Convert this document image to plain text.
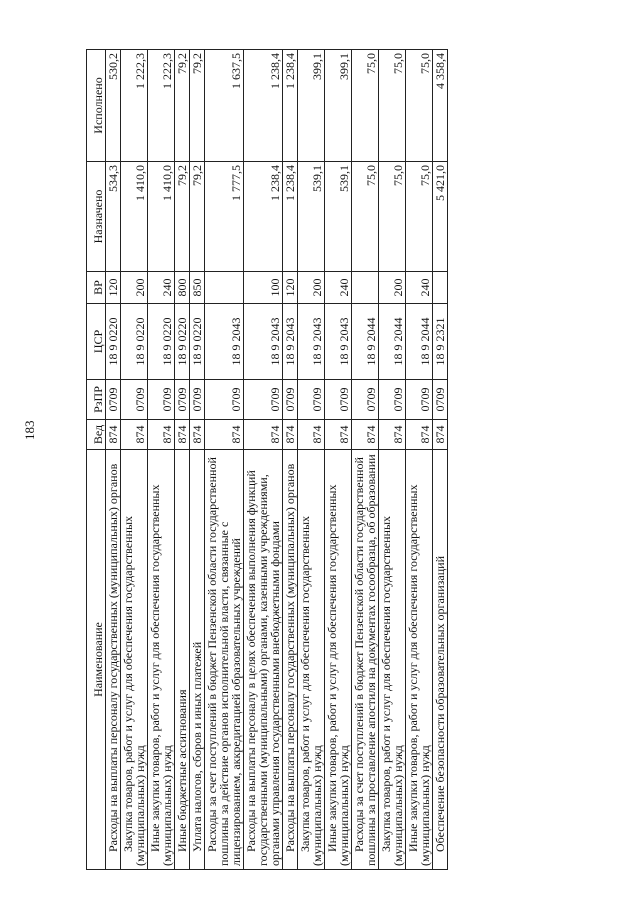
183
Наименование	Вед	РзПР	ЦСР	ВР	Назначено	Исполнено
Расходы на выплаты персоналу государственных (муниципальных) органов	874	0709	18 9 0220	120	534,3	530,2
Закупка товаров, работ и услуг для обеспечения государственных (муниципальных) нужд	874	0709	18 9 0220	200	1 410,0	1 222,3
Иные закупки товаров, работ и услуг для обеспечения государственных (муниципальных) нужд	874	0709	18 9 0220	240	1 410,0	1 222,3
Иные бюджетные ассигнования	874	0709	18 9 0220	800	79,2	79,2
Уплата налогов, сборов и иных платежей	874	0709	18 9 0220	850	79,2	79,2
Расходы за счет поступлений в бюджет Пензенской области государственной пошлины за действие органов исполнительной власти, связанные с лицензированием, аккредитацией образовательных учреждений	874	0709	18 9 2043		1 777,5	1 637,5
Расходы на выплаты персоналу в целях обеспечения выполнения функций государственными (муниципальными) органами, казенными учреждениями, органами управления государственными внебюджетными фондами	874	0709	18 9 2043	100	1 238,4	1 238,4
Расходы на выплаты персоналу государственных (муниципальных) органов	874	0709	18 9 2043	120	1 238,4	1 238,4
Закупка товаров, работ и услуг для обеспечения государственных (муниципальных) нужд	874	0709	18 9 2043	200	539,1	399,1
Иные закупки товаров, работ и услуг для обеспечения государственных (муниципальных) нужд	874	0709	18 9 2043	240	539,1	399,1
Расходы за счет поступлений в бюджет Пензенской области государственной пошлины за проставление апостиля на документах госообразца, об образовании	874	0709	18 9 2044		75,0	75,0
Закупка товаров, работ и услуг для обеспечения государственных (муниципальных) нужд	874	0709	18 9 2044	200	75,0	75,0
Иные закупки товаров, работ и услуг для обеспечения государственных (муниципальных) нужд	874	0709	18 9 2044	240	75,0	75,0
Обеспечение безопасности образовательных организаций	874	0709	18 9 2321		5 421,0	4 358,4
